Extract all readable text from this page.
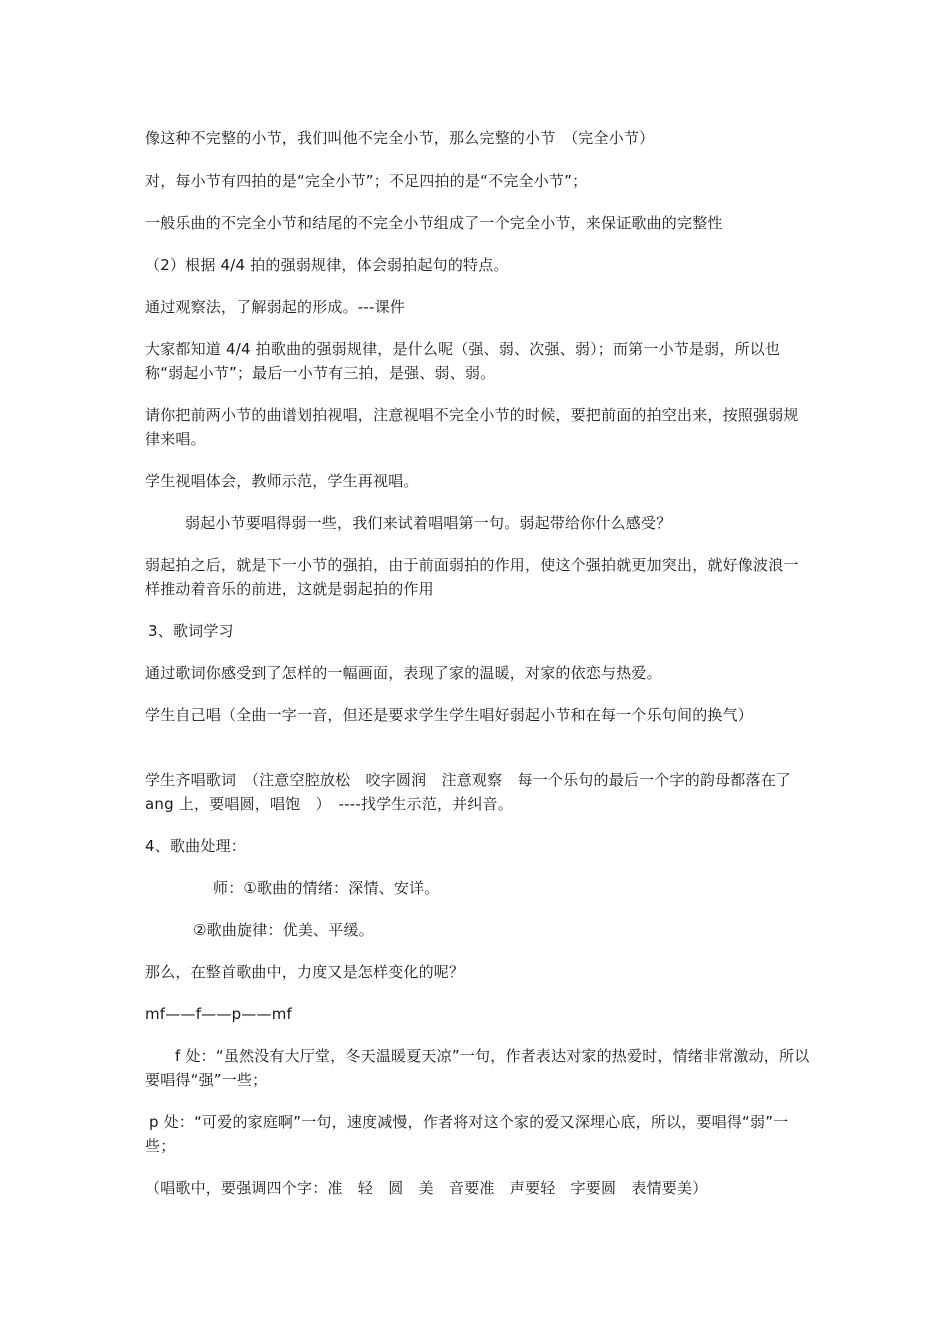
像这种不完整的小节，我们叫他不完全小节，那么完整的小节　（完全小节）

对，每小节有四拍的是“完全小节”；不足四拍的是“不完全小节”；

一般乐曲的不完全小节和结尾的不完全小节组成了一个完全小节，来保证歌曲的完整性

（2）根据 4/4 拍的强弱规律，体会弱拍起句的特点。

通过观察法，了解弱起的形成。---课件

大家都知道 4/4 拍歌曲的强弱规律，是什么呢（强、弱、次强、弱）；而第一小节是弱，所以也称“弱起小节”；最后一小节有三拍，是强、弱、弱。

请你把前两小节的曲谱划拍视唱，注意视唱不完全小节的时候，要把前面的拍空出来，按照强弱规律来唱。

学生视唱体会，教师示范，学生再视唱。

弱起小节要唱得弱一些，我们来试着唱唱第一句。弱起带给你什么感受？

弱起拍之后，就是下一小节的强拍，由于前面弱拍的作用，使这个强拍就更加突出，就好像波浪一样推动着音乐的前进，这就是弱起拍的作用

3、歌词学习

通过歌词你感受到了怎样的一幅画面，表现了家的温暖，对家的依恋与热爱。

学生自己唱（全曲一字一音，但还是要求学生学生唱好弱起小节和在每一个乐句间的换气）

学生齐唱歌词　（注意空腔放松　咬字圆润　注意观察　每一个乐句的最后一个字的韵母都落在了 ang 上，要唱圆，唱饱　）　----找学生示范，并纠音。

4、歌曲处理：

师：①歌曲的情绪：深情、安详。

②歌曲旋律：优美、平缓。

那么，在整首歌曲中，力度又是怎样变化的呢？

mf——f——p——mf

f 处：“虽然没有大厅堂，冬天温暖夏天凉”一句，作者表达对家的热爱时，情绪非常激动，所以要唱得“强”一些；

p 处：“可爱的家庭啊”一句，速度减慢，作者将对这个家的爱又深埋心底，所以，要唱得“弱”一些；

（唱歌中，要强调四个字：准　轻　圆　美　音要准　声要轻　字要圆　表情要美）
